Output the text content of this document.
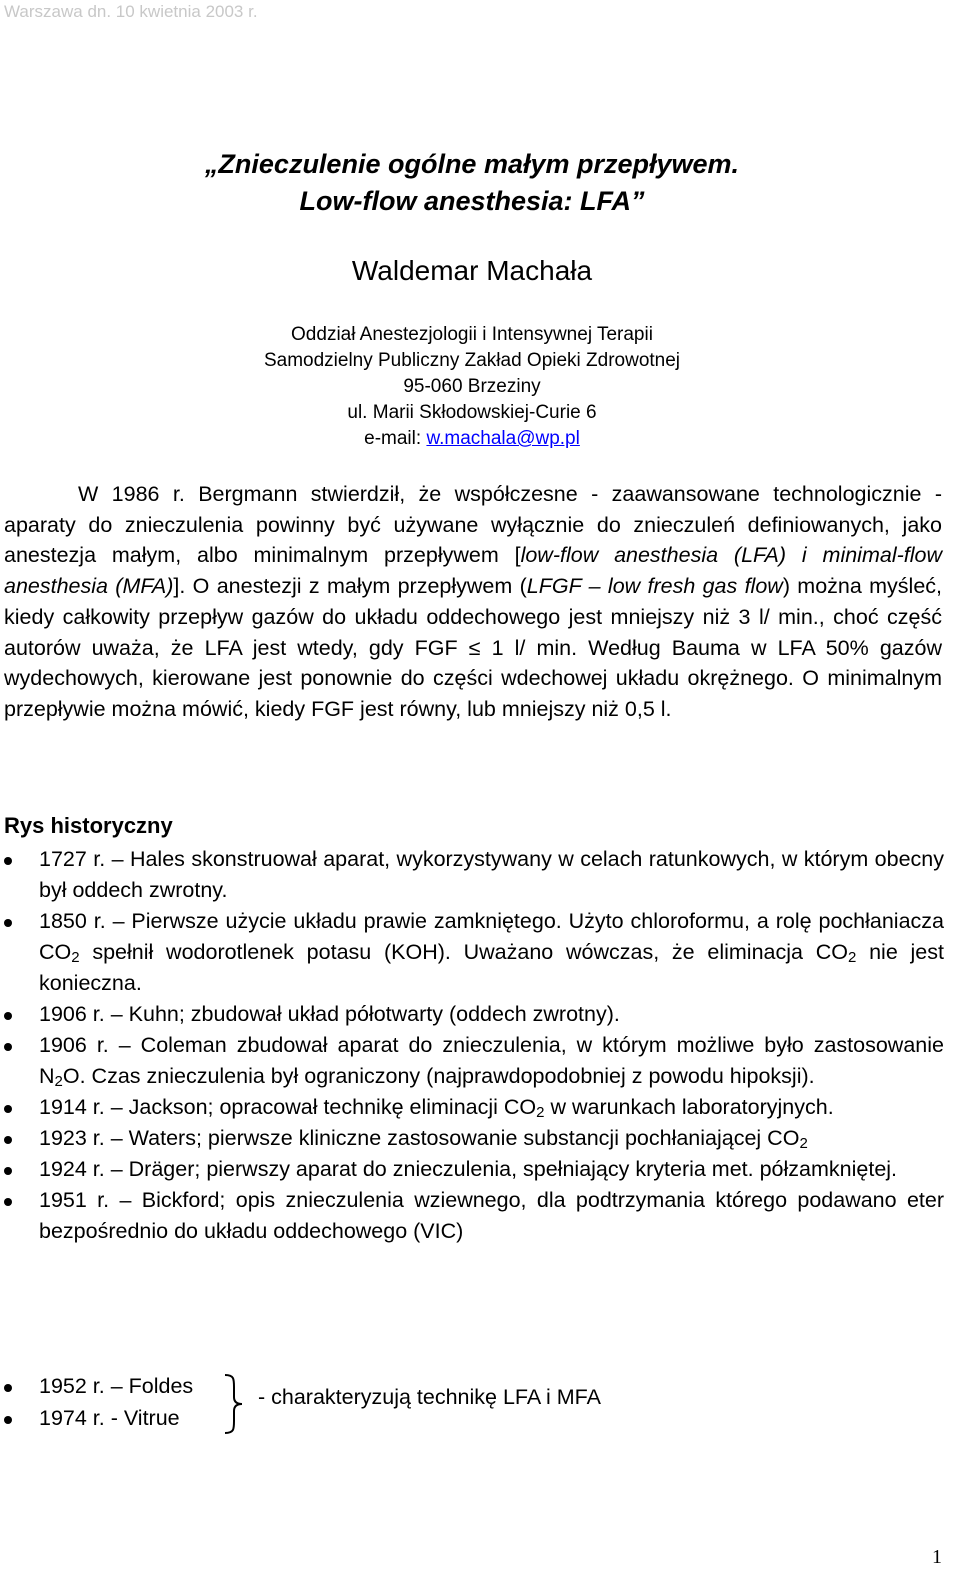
Warszawa dn. 10 kwietnia 2003 r.
„Znieczulenie ogólne małym przepływem.
Low-flow anesthesia: LFA”
Waldemar Machała
Oddział Anestezjologii i Intensywnej Terapii
Samodzielny Publiczny Zakład Opieki Zdrowotnej
95-060 Brzeziny
ul. Marii Skłodowskiej-Curie 6
e-mail: w.machala@wp.pl

W 1986 r. Bergmann stwierdził, że współczesne - zaawansowane technologicznie - aparaty do znieczulenia powinny być używane wyłącznie do znieczuleń definiowanych, jako anestezja małym, albo minimalnym przepływem [low-flow anesthesia (LFA) i minimal-flow anesthesia (MFA)]. O anestezji z małym przepływem (LFGF – low fresh gas flow) można myśleć, kiedy całkowity przepływ gazów do układu oddechowego jest mniejszy niż 3 l/ min., choć część autorów uważa, że LFA jest wtedy, gdy FGF ≤ 1 l/ min. Według Bauma w LFA 50% gazów wydechowych, kierowane jest ponownie do części wdechowej układu okrężnego. O minimalnym przepływie można mówić, kiedy FGF jest równy, lub mniejszy niż 0,5 l.

Rys historyczny
1727 r. – Hales skonstruował aparat, wykorzystywany w celach ratunkowych, w którym obecny był oddech zwrotny.
1850 r. – Pierwsze użycie układu prawie zamkniętego. Użyto chloroformu, a rolę pochłaniacza $CO_2$ spełnił wodorotlenek potasu (KOH). Uważano wówczas, że eliminacja $CO_2$ nie jest konieczna.
1906 r. – Kuhn; zbudował układ półotwarty (oddech zwrotny).
1906 r. – Coleman zbudował aparat do znieczulenia, w którym możliwe było zastosowanie $N_2O$. Czas znieczulenia był ograniczony (najprawdopodobniej z powodu hipoksji).
1914 r. – Jackson; opracował technikę eliminacji $CO_2$ w warunkach laboratoryjnych.
1923 r. – Waters; pierwsze kliniczne zastosowanie substancji pochłaniającej $CO_2$
1924 r. – Dräger; pierwszy aparat do znieczulenia, spełniający kryteria met. półzamkniętej.
1951 r. – Bickford; opis znieczulenia wziewnego, dla podtrzymania którego podawano eter bezpośrednio do układu oddechowego (VIC)
1952 r. – Foldes
1974 r. - Vitrue
- charakteryzują technikę LFA i MFA
1
